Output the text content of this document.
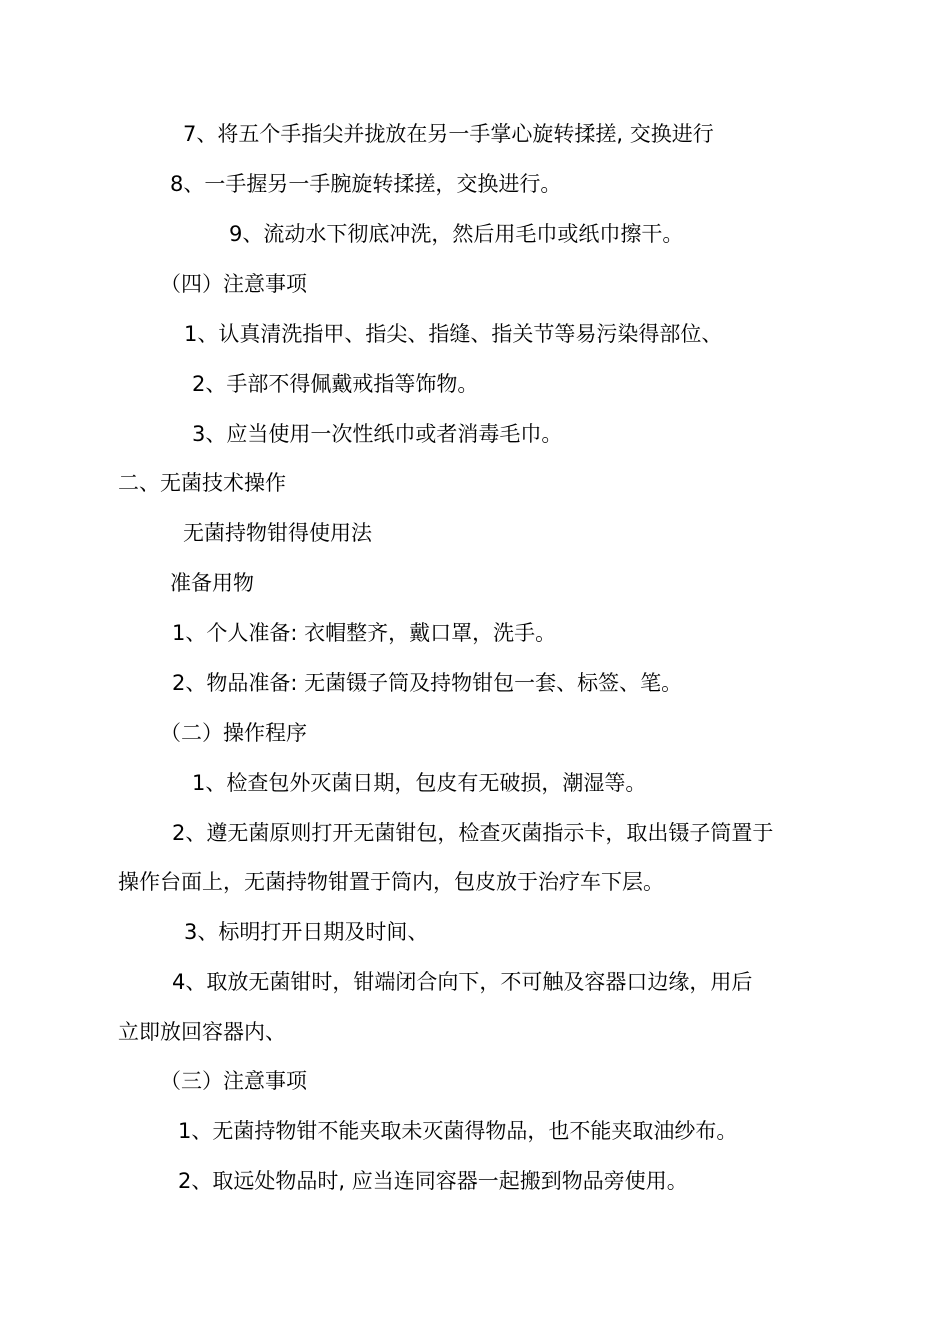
7、将五个手指尖并拢放在另一手掌心旋转揉搓, 交换进行
8、一手握另一手腕旋转揉搓，交换进行。
9、流动水下彻底冲洗，然后用毛巾或纸巾擦干。
（四）注意事项
1、认真清洗指甲、指尖、指缝、指关节等易污染得部位、
2、手部不得佩戴戒指等饰物。
3、应当使用一次性纸巾或者消毒毛巾。
二、无菌技术操作
无菌持物钳得使用法
准备用物
1、个人准备: 衣帽整齐，戴口罩，洗手。
2、物品准备: 无菌镊子筒及持物钳包一套、标签、笔。
（二）操作程序
1、检查包外灭菌日期，包皮有无破损，潮湿等。
2、遵无菌原则打开无菌钳包，检查灭菌指示卡，取出镊子筒置于
操作台面上，无菌持物钳置于筒内，包皮放于治疗车下层。
3、标明打开日期及时间、
4、取放无菌钳时，钳端闭合向下，不可触及容器口边缘，用后
立即放回容器内、
（三）注意事项
1、无菌持物钳不能夹取未灭菌得物品，也不能夹取油纱布。
2、取远处物品时, 应当连同容器一起搬到物品旁使用。
